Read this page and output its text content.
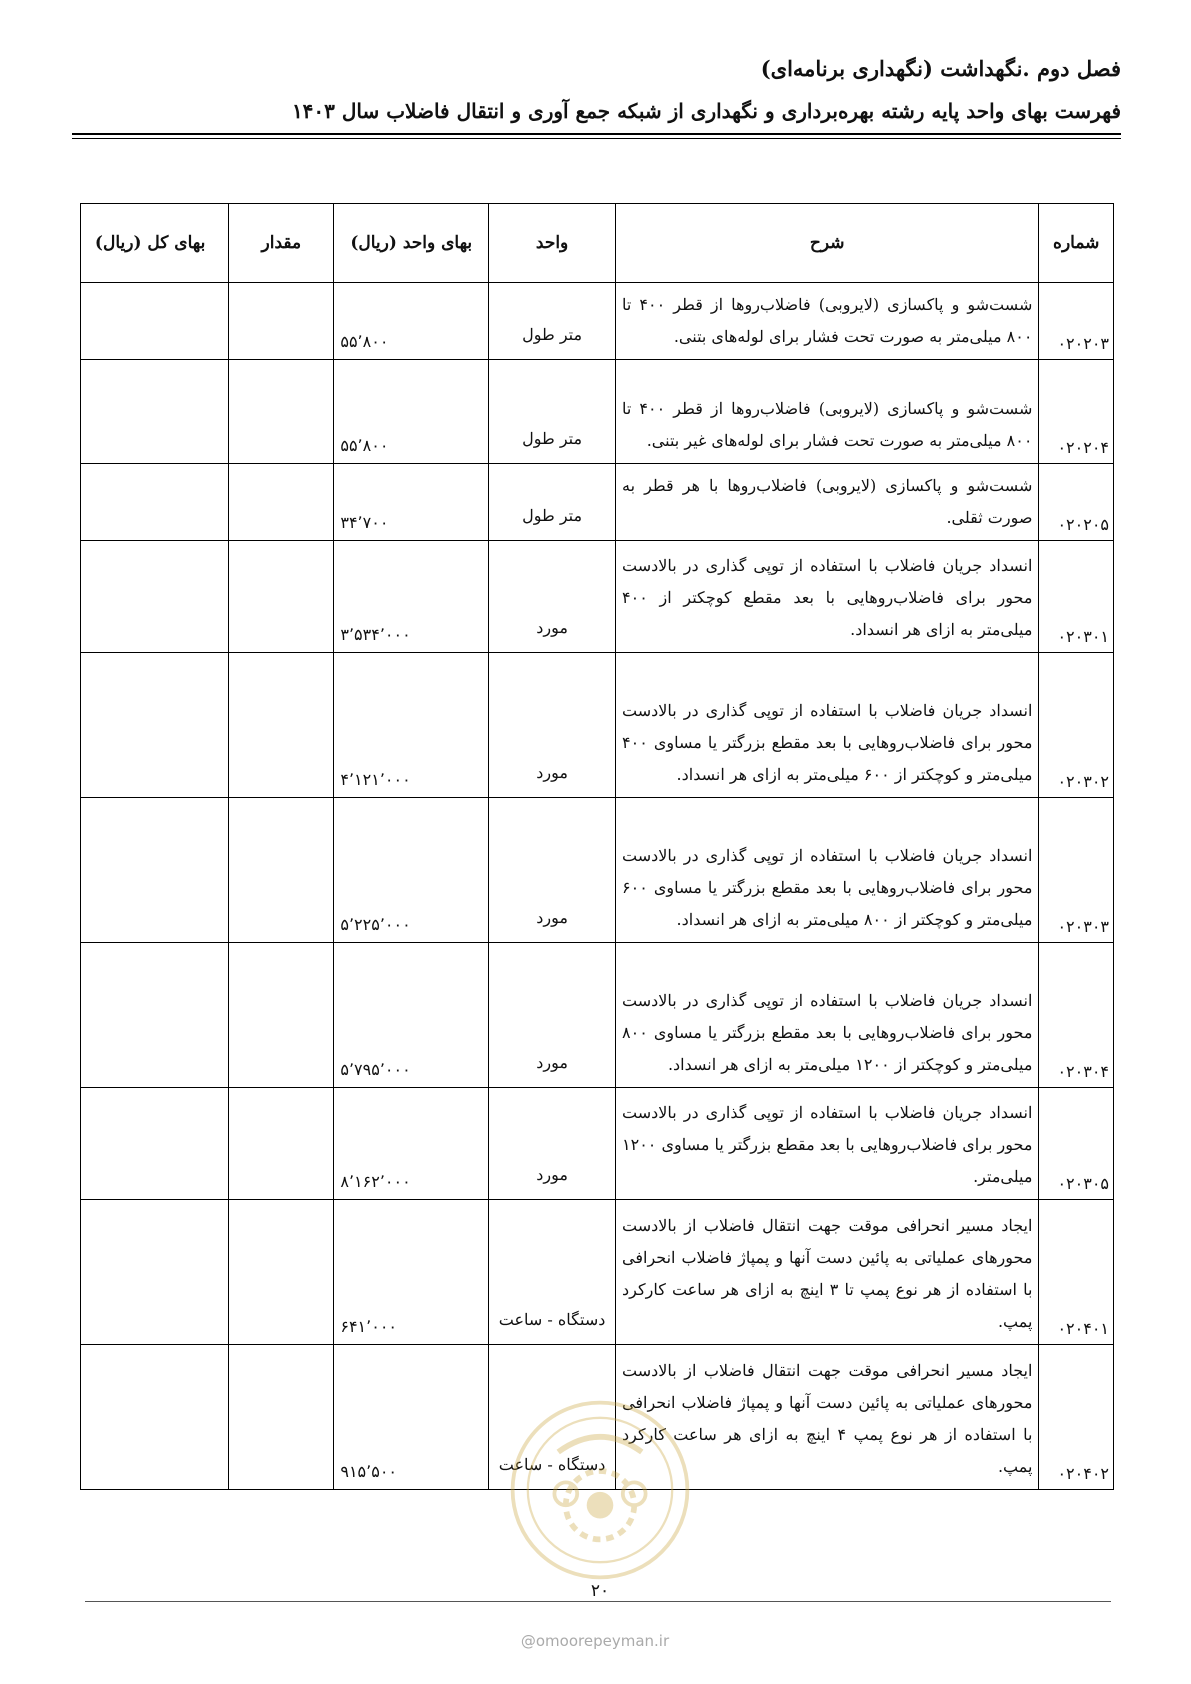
فصل دوم .نگهداشت (نگهداری برنامه‌ای)

فهرست بهای واحد پایه رشته بهره‌برداری و نگهداری از شبکه جمع آوری و انتقال فاضلاب سال ۱۴۰۳

شماره	شرح	واحد	بهای واحد (ریال)	مقدار	بهای کل (ریال)
۰۲۰۲۰۳	شست‌شو و پاکسازی (لایروبی) فاضلاب‌روها از قطر ۴۰۰ تا ۸۰۰ میلی‌متر به صورت تحت فشار برای لوله‌های بتنی.	متر طول	۵۵٬۸۰۰		
۰۲۰۲۰۴	شست‌شو و پاکسازی (لایروبی) فاضلاب‌روها از قطر ۴۰۰ تا ۸۰۰ میلی‌متر به صورت تحت فشار برای لوله‌های غیر بتنی.	متر طول	۵۵٬۸۰۰		
۰۲۰۲۰۵	شست‌شو و پاکسازی (لایروبی) فاضلاب‌روها با هر قطر به صورت ثقلی.	متر طول	۳۴٬۷۰۰		
۰۲۰۳۰۱	انسداد جریان فاضلاب با استفاده از توپی گذاری در بالادست محور برای فاضلاب‌روهایی با بعد مقطع کوچکتر از ۴۰۰ میلی‌متر به ازای هر انسداد.	مورد	۳٬۵۳۴٬۰۰۰		
۰۲۰۳۰۲	انسداد جریان فاضلاب با استفاده از توپی گذاری در بالادست محور برای فاضلاب‌روهایی با بعد مقطع بزرگتر یا مساوی ۴۰۰ میلی‌متر و کوچکتر از ۶۰۰ میلی‌متر به ازای هر انسداد.	مورد	۴٬۱۲۱٬۰۰۰		
۰۲۰۳۰۳	انسداد جریان فاضلاب با استفاده از توپی گذاری در بالادست محور برای فاضلاب‌روهایی با بعد مقطع بزرگتر یا مساوی ۶۰۰ میلی‌متر و کوچکتر از ۸۰۰ میلی‌متر به ازای هر انسداد.	مورد	۵٬۲۲۵٬۰۰۰		
۰۲۰۳۰۴	انسداد جریان فاضلاب با استفاده از توپی گذاری در بالادست محور برای فاضلاب‌روهایی با بعد مقطع بزرگتر یا مساوی ۸۰۰ میلی‌متر و کوچکتر از ۱۲۰۰ میلی‌متر به ازای هر انسداد.	مورد	۵٬۷۹۵٬۰۰۰		
۰۲۰۳۰۵	انسداد جریان فاضلاب با استفاده از توپی گذاری در بالادست محور برای فاضلاب‌روهایی با بعد مقطع بزرگتر یا مساوی ۱۲۰۰ میلی‌متر.	مورد	۸٬۱۶۲٬۰۰۰		
۰۲۰۴۰۱	ایجاد مسیر انحرافی موقت جهت انتقال فاضلاب از بالادست محورهای عملیاتی به پائین دست آنها و پمپاژ فاضلاب انحرافی با استفاده از هر نوع پمپ تا ۳ اینچ به ازای هر ساعت کارکرد پمپ.	دستگاه - ساعت	۶۴۱٬۰۰۰		
۰۲۰۴۰۲	ایجاد مسیر انحرافی موقت جهت انتقال فاضلاب از بالادست محورهای عملیاتی به پائین دست آنها و پمپاژ فاضلاب انحرافی با استفاده از هر نوع پمپ ۴ اینچ به ازای هر ساعت کارکرد پمپ.	دستگاه - ساعت	۹۱۵٬۵۰۰		
۲۰
@omoorepeyman.ir
